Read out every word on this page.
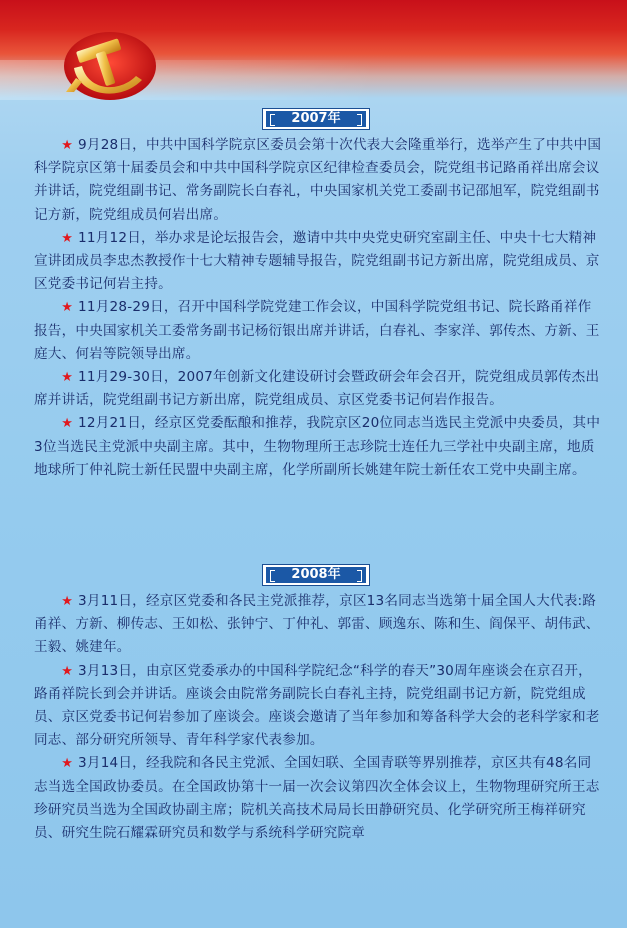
2007年

★ 9月28日，中共中国科学院京区委员会第十次代表大会隆重举行，选举产生了中共中国科学院京区第十届委员会和中共中国科学院京区纪律检查委员会，院党组书记路甬祥出席会议并讲话，院党组副书记、常务副院长白春礼，中央国家机关党工委副书记邵旭军，院党组副书记方新，院党组成员何岩出席。

★ 11月12日，举办求是论坛报告会，邀请中共中央党史研究室副主任、中央十七大精神宣讲团成员李忠杰教授作十七大精神专题辅导报告，院党组副书记方新出席，院党组成员、京区党委书记何岩主持。

★ 11月28-29日，召开中国科学院党建工作会议，中国科学院党组书记、院长路甬祥作报告，中央国家机关工委常务副书记杨衍银出席并讲话，白春礼、李家洋、郭传杰、方新、王庭大、何岩等院领导出席。

★ 11月29-30日，2007年创新文化建设研讨会暨政研会年会召开，院党组成员郭传杰出席并讲话，院党组副书记方新出席，院党组成员、京区党委书记何岩作报告。

★ 12月21日，经京区党委酝酿和推荐，我院京区20位同志当选民主党派中央委员，其中3位当选民主党派中央副主席。其中，生物物理所王志珍院士连任九三学社中央副主席，地质地球所丁仲礼院士新任民盟中央副主席，化学所副所长姚建年院士新任农工党中央副主席。

2008年

★ 3月11日，经京区党委和各民主党派推荐，京区13名同志当选第十届全国人大代表:路甬祥、方新、柳传志、王如松、张钟宁、丁仲礼、郭雷、顾逸东、陈和生、阎保平、胡伟武、王毅、姚建年。

★ 3月13日，由京区党委承办的中国科学院纪念“科学的春天”30周年座谈会在京召开，路甬祥院长到会并讲话。座谈会由院常务副院长白春礼主持，院党组副书记方新，院党组成员、京区党委书记何岩参加了座谈会。座谈会邀请了当年参加和筹备科学大会的老科学家和老同志、部分研究所领导、青年科学家代表参加。

★ 3月14日，经我院和各民主党派、全国妇联、全国青联等界别推荐，京区共有48名同志当选全国政协委员。在全国政协第十一届一次会议第四次全体会议上，生物物理研究所王志珍研究员当选为全国政协副主席；院机关高技术局局长田静研究员、化学研究所王梅祥研究员、研究生院石耀霖研究员和数学与系统科学研究院章
